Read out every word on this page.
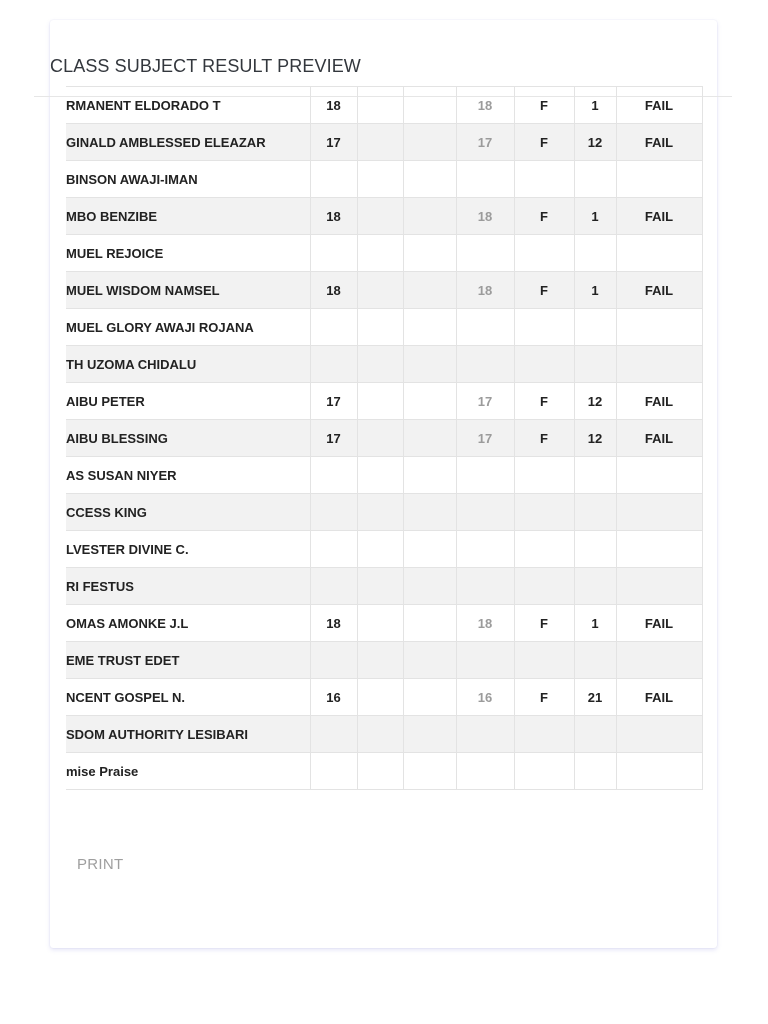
CLASS SUBJECT RESULT PREVIEW
RMANENT ELDORADO T	18			18	F	1	FAIL
GINALD AMBLESSED ELEAZAR	17			17	F	12	FAIL
BINSON AWAJI-IMAN							
MBO BENZIBE	18			18	F	1	FAIL
MUEL REJOICE							
MUEL WISDOM NAMSEL	18			18	F	1	FAIL
MUEL GLORY AWAJI ROJANA							
TH UZOMA CHIDALU							
AIBU PETER	17			17	F	12	FAIL
AIBU BLESSING	17			17	F	12	FAIL
AS SUSAN NIYER							
CCESS KING							
LVESTER DIVINE C.							
RI FESTUS							
OMAS AMONKE J.L	18			18	F	1	FAIL
EME TRUST EDET							
NCENT GOSPEL N.	16			16	F	21	FAIL
SDOM AUTHORITY LESIBARI							
mise Praise							
PRINT
